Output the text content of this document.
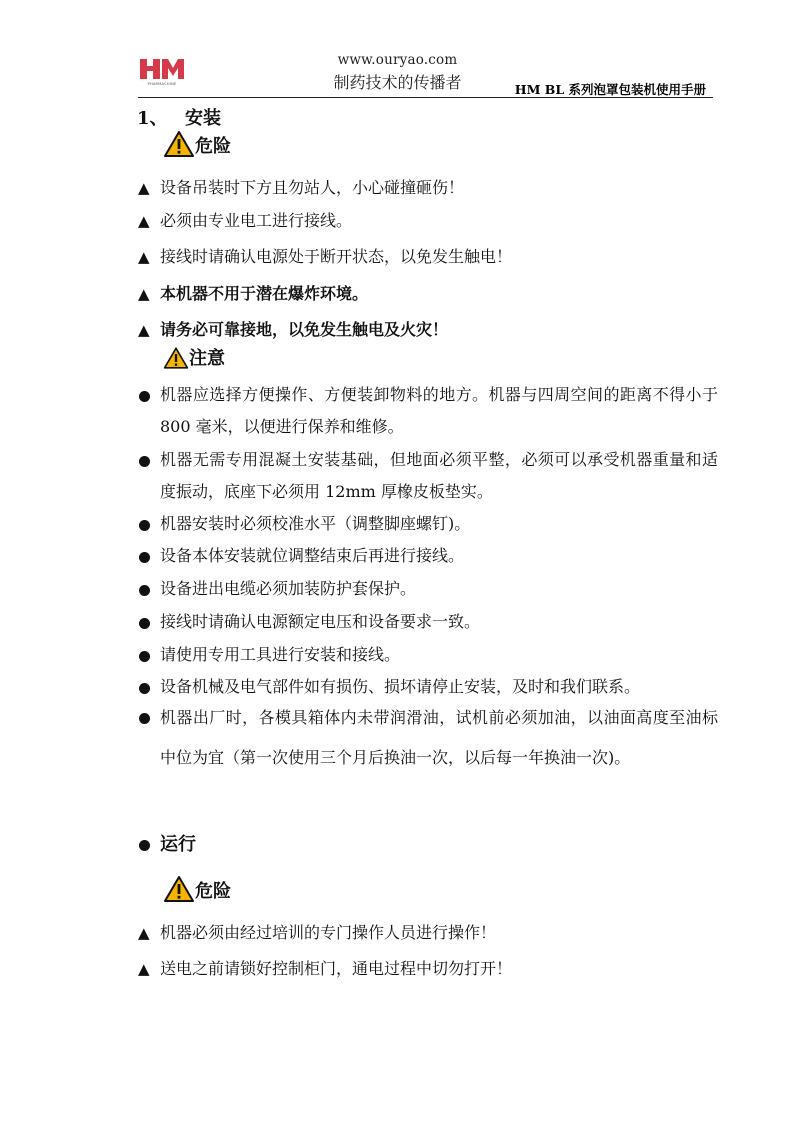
PHARMACHINE
www.ouryao.com
制药技术的传播者	HM BL 系列泡罩包装机使用手册
1、 安装
危险
▲ 设备吊装时下方且勿站人，小心碰撞砸伤！
▲ 必须由专业电工进行接线。
▲ 接线时请确认电源处于断开状态，以免发生触电！
▲ 本机器不用于潜在爆炸环境。
▲ 请务必可靠接地，以免发生触电及火灾！
注意
机器应选择方便操作、方便装卸物料的地方。机器与四周空间的距离不得小于 800 毫米，以便进行保养和维修。
机器无需专用混凝土安装基础，但地面必须平整，必须可以承受机器重量和适度振动，底座下必须用 12mm 厚橡皮板垫实。
机器安装时必须校准水平（调整脚座螺钉)。
设备本体安装就位调整结束后再进行接线。
设备进出电缆必须加装防护套保护。
接线时请确认电源额定电压和设备要求一致。
请使用专用工具进行安装和接线。
设备机械及电气部件如有损伤、损坏请停止安装，及时和我们联系。
机器出厂时，各模具箱体内未带润滑油，试机前必须加油，以油面高度至油标中位为宜（第一次使用三个月后换油一次，以后每一年换油一次)。
运行
危险
▲ 机器必须由经过培训的专门操作人员进行操作！
▲ 送电之前请锁好控制柜门，通电过程中切勿打开！
